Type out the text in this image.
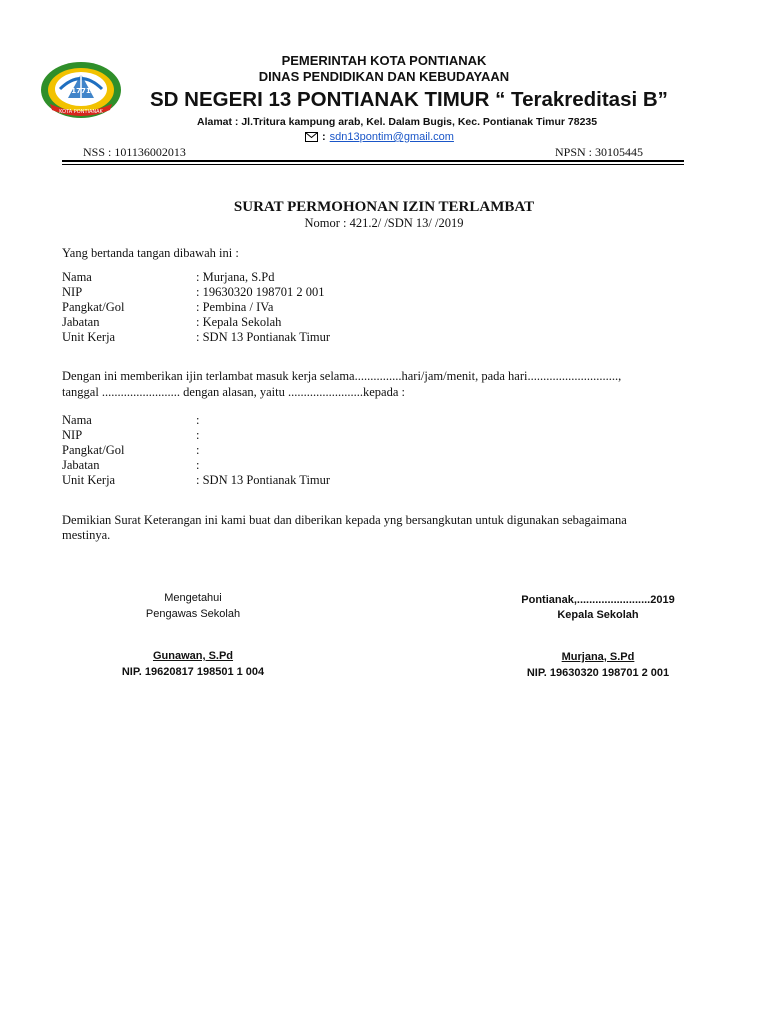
1771
KOTA PONTIANAK
PEMERINTAH KOTA PONTIANAK
DINAS PENDIDIKAN DAN KEBUDAYAAN
SD NEGERI 13 PONTIANAK TIMUR “ Terakreditasi B”
Alamat : Jl.Tritura kampung arab, Kel. Dalam Bugis, Kec. Pontianak Timur 78235
: sdn13pontim@gmail.com
NSS : 101136002013	NPSN : 30105445
SURAT PERMOHONAN IZIN TERLAMBAT
Nomor : 421.2/ /SDN 13/ /2019
Yang bertanda tangan dibawah ini :
Nama	: Murjana, S.Pd
NIP	: 19630320 198701 2 001
Pangkat/Gol	: Pembina / IVa
Jabatan	: Kepala Sekolah
Unit Kerja	: SDN 13 Pontianak Timur
Dengan ini memberikan ijin terlambat masuk kerja selama...............hari/jam/menit, pada hari.............................,
tanggal ......................... dengan alasan, yaitu ........................kepada :
Nama	:
NIP	:
Pangkat/Gol	:
Jabatan	:
Unit Kerja	: SDN 13 Pontianak Timur
Demikian Surat Keterangan ini kami buat dan diberikan kepada yng bersangkutan untuk digunakan sebagaimana
mestinya.
Mengetahui
Pengawas Sekolah
Gunawan, S.Pd
NIP. 19620817 198501 1 004
Pontianak,........................2019
Kepala Sekolah
Murjana, S.Pd
NIP. 19630320 198701 2 001
